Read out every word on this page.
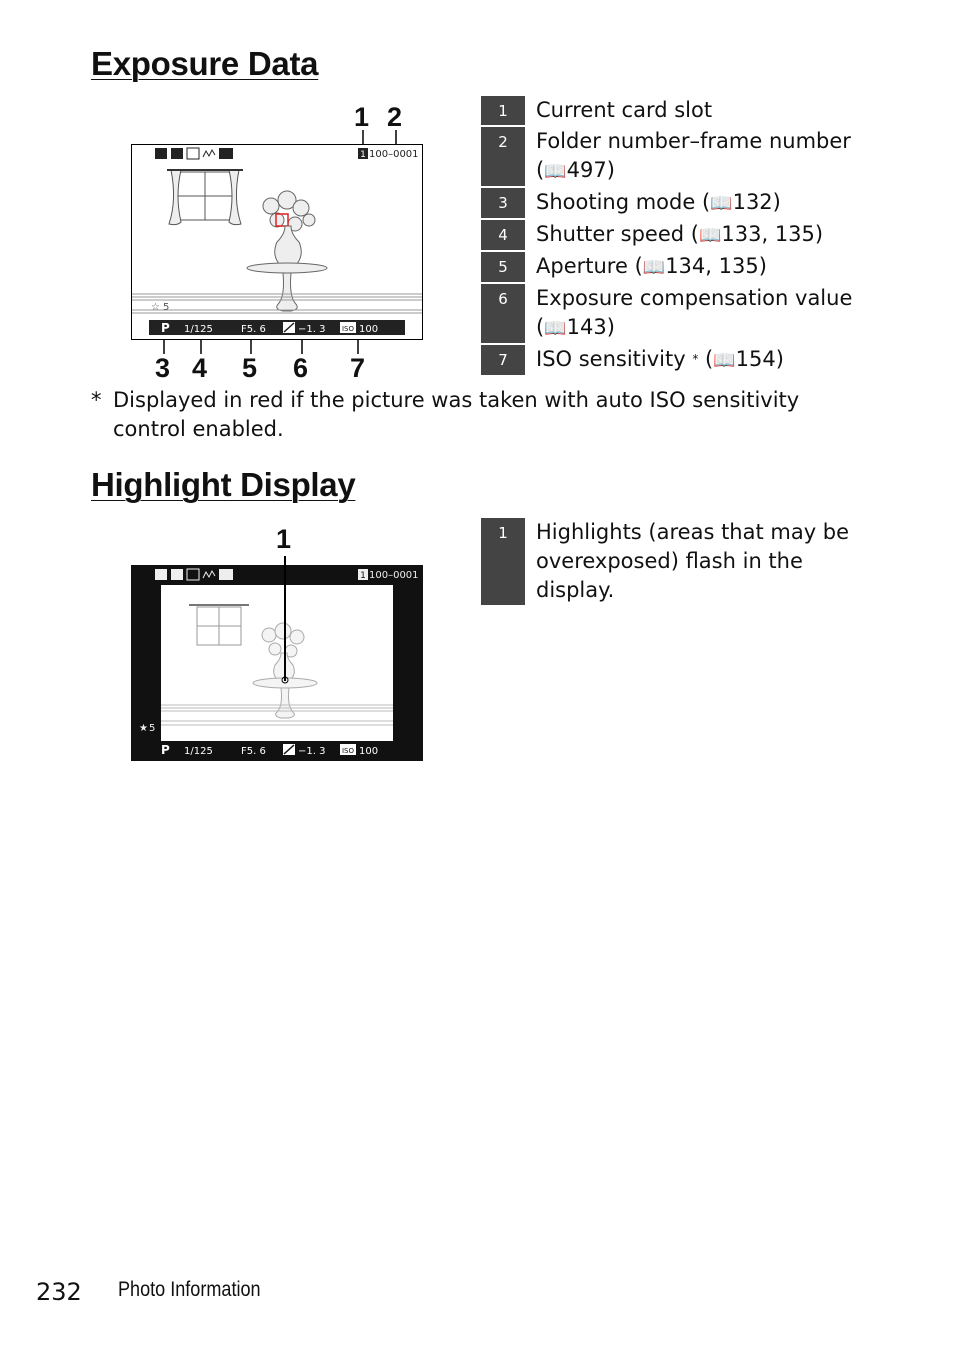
Exposure Data
1 2
3 4 5 6 7
1 100–0001
☆ 5
P 1/125	F5. 6	−1. 3 ISO 100
1	Current card slot
2	Folder number–frame number
(📖497)
3	Shooting mode (📖132)
4	Shutter speed (📖133, 135)
5	Aperture (📖134, 135)
6	Exposure compensation value
(📖143)
7	ISO sensitivity * (📖154)
* Displayed in red if the picture was taken with auto ISO sensitivity control enabled.
Highlight Display
1
1 100–0001
★ 5
P 1/125	F5. 6	−1. 3 ISO 100
1	Highlights (areas that may be overexposed) flash in the display.
232 Photo Information
